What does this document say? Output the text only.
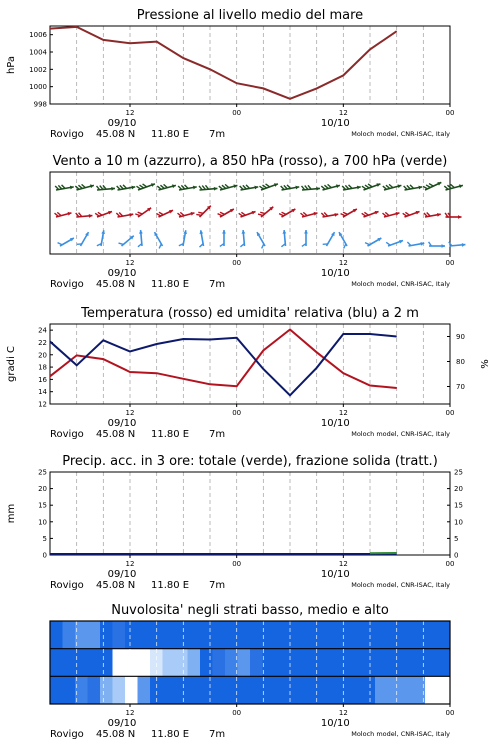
Pressione al livello medio del mare
998
1000
1002
1004
1006
hPa
12	00	12	00
09/10	10/10
Rovigo 45.08 N 11.80 E 7m	Moloch model, CNR-ISAC, Italy
Vento a 10 m (azzurro), a 850 hPa (rosso), a 700 hPa (verde)
12	00	12	00
09/10	10/10
Rovigo 45.08 N 11.80 E 7m	Moloch model, CNR-ISAC, Italy
Temperatura (rosso) ed umidita' relativa (blu) a 2 m
12
14
16
18
20
22
24
70
80
90
gradi C	%
12	00	12	00
09/10	10/10
Rovigo 45.08 N 11.80 E 7m	Moloch model, CNR-ISAC, Italy
Precip. acc. in 3 ore: totale (verde), frazione solida (tratt.)
0
5
10
15
20
25
0
5
10
15
20
25
mm
12	00	12	00
09/10	10/10
Rovigo 45.08 N 11.80 E 7m	Moloch model, CNR-ISAC, Italy
Nuvolosita' negli strati basso, medio e alto
12	00	12	00
09/10	10/10
Rovigo 45.08 N 11.80 E 7m	Moloch model, CNR-ISAC, Italy
